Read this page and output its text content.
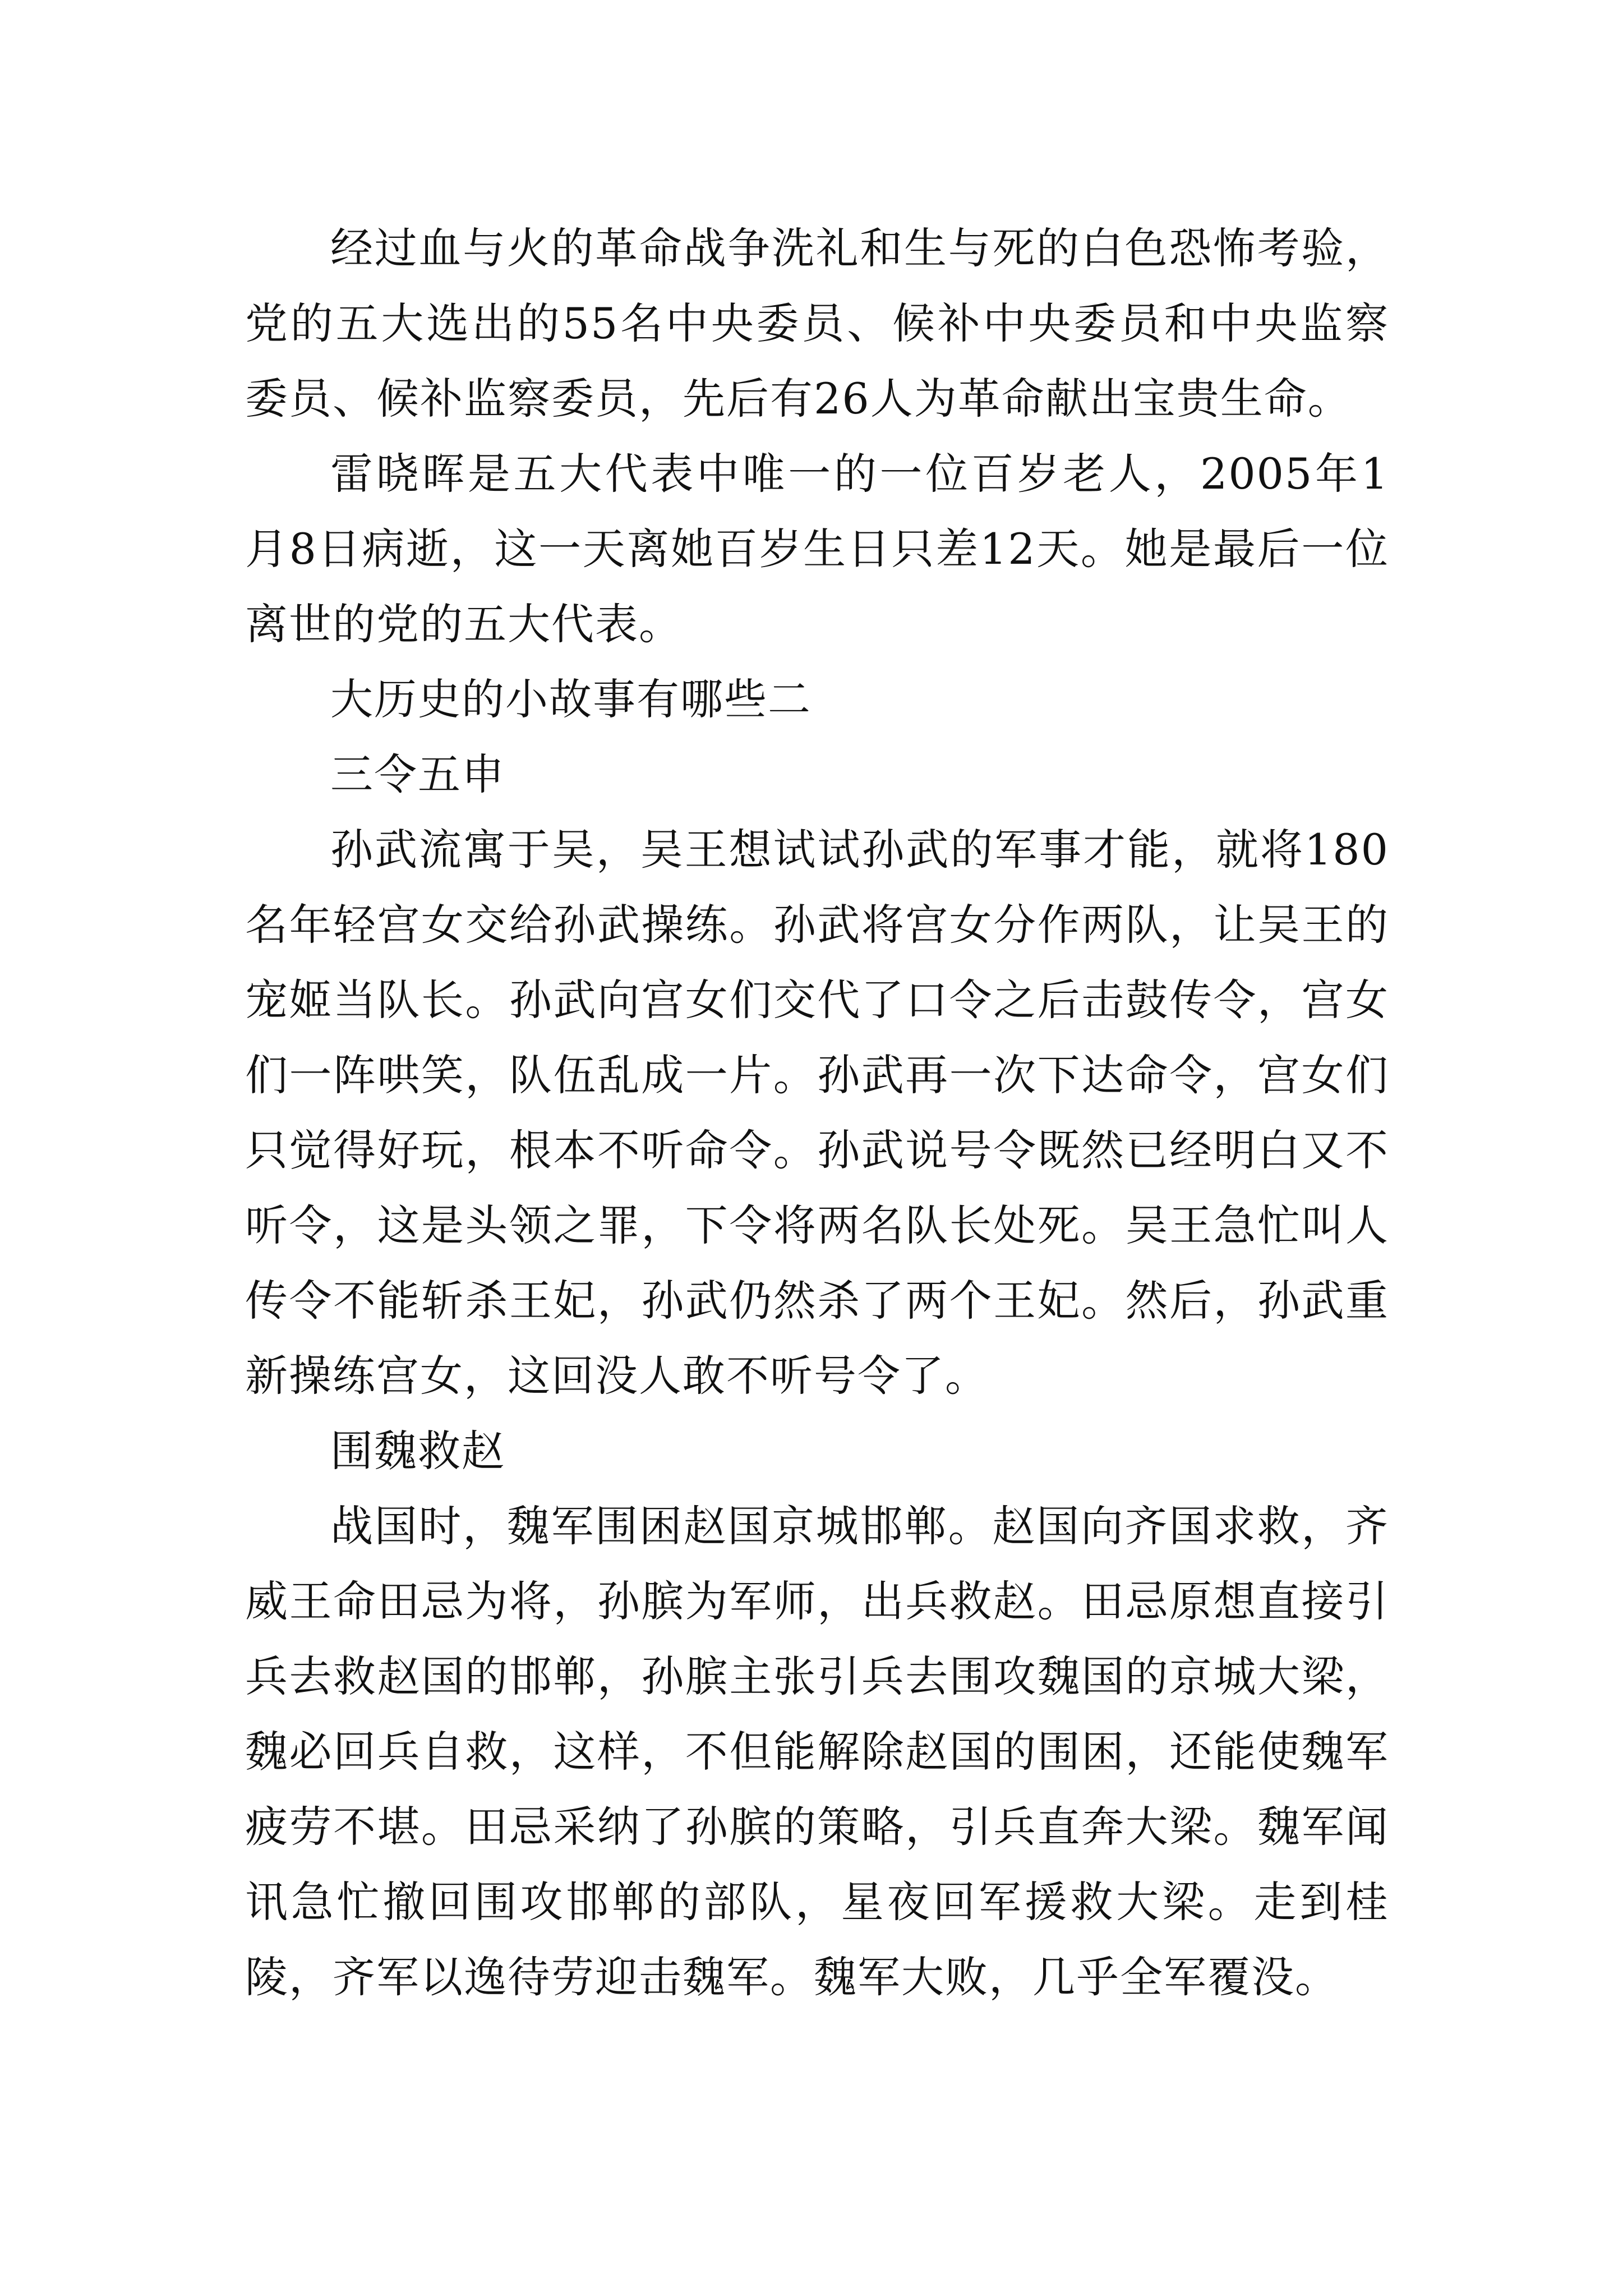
经过血与火的革命战争洗礼和生与死的白色恐怖考验，党的五大选出的55名中央委员、候补中央委员和中央监察委员、候补监察委员，先后有26人为革命献出宝贵生命。

雷晓晖是五大代表中唯一的一位百岁老人，2005年1月8日病逝，这一天离她百岁生日只差12天。她是最后一位离世的党的五大代表。

大历史的小故事有哪些二

三令五申

孙武流寓于吴，吴王想试试孙武的军事才能，就将180名年轻宫女交给孙武操练。孙武将宫女分作两队，让吴王的宠姬当队长。孙武向宫女们交代了口令之后击鼓传令，宫女们一阵哄笑，队伍乱成一片。孙武再一次下达命令，宫女们只觉得好玩，根本不听命令。孙武说号令既然已经明白又不听令，这是头领之罪，下令将两名队长处死。吴王急忙叫人传令不能斩杀王妃，孙武仍然杀了两个王妃。然后，孙武重新操练宫女，这回没人敢不听号令了。

围魏救赵

战国时，魏军围困赵国京城邯郸。赵国向齐国求救，齐威王命田忌为将，孙膑为军师，出兵救赵。田忌原想直接引兵去救赵国的邯郸，孙膑主张引兵去围攻魏国的京城大梁，魏必回兵自救，这样，不但能解除赵国的围困，还能使魏军疲劳不堪。田忌采纳了孙膑的策略，引兵直奔大梁。魏军闻讯急忙撤回围攻邯郸的部队，星夜回军援救大梁。走到桂陵，齐军以逸待劳迎击魏军。魏军大败，几乎全军覆没。
